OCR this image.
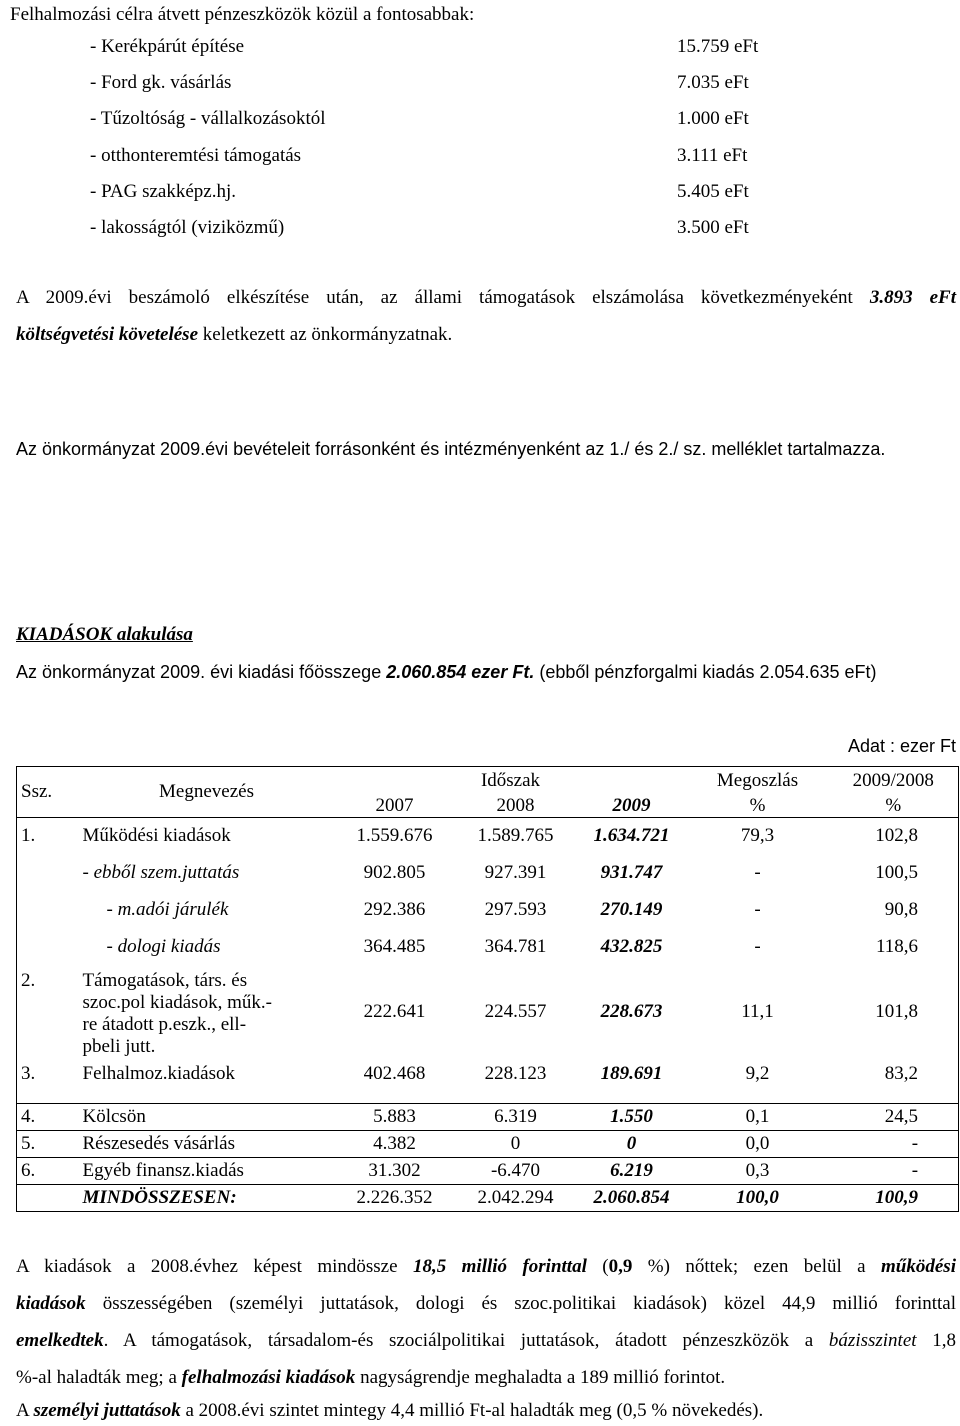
Felhalmozási célra átvett pénzeszközök közül a fontosabbak:
- Kerékpárút építése	15.759 eFt
- Ford gk. vásárlás	7.035 eFt
- Tűzoltóság - vállalkozásoktól	1.000 eFt
- otthonteremtési támogatás	3.111 eFt
- PAG szakképz.hj.	5.405 eFt
- lakosságtól (viziközmű)	3.500 eFt
A 2009.évi beszámoló elkészítése után, az állami támogatások elszámolása következményeként 3.893 eFt
költségvetési követelése keletkezett az önkormányzatnak.
Az önkormányzat 2009.évi bevételeit forrásonként és intézményenként az 1./ és 2./ sz. melléklet tartalmazza.
KIADÁSOK alakulása
Az önkormányzat 2009. évi kiadási főösszege 2.060.854 ezer Ft. (ebből pénzforgalmi kiadás 2.054.635 eFt)
Adat : ezer Ft
Ssz.	Megnevezés	Időszak			Megoszlás	2009/2008
		2007	2008	2009	%	%
1.	Működési kiadások	1.559.676	1.589.765	1.634.721	79,3	102,8
	- ebből szem.juttatás	902.805	927.391	931.747	-	100,5
	- m.adói járulék	292.386	297.593	270.149	-	90,8
	- dologi kiadás	364.485	364.781	432.825	-	118,6
2.	Támogatások, társ. és szoc.pol kiadások, műk.-re átadott p.eszk., ell-pbeli jutt.	222.641	224.557	228.673	11,1	101,8
3.	Felhalmoz.kiadások	402.468	228.123	189.691	9,2	83,2

4.	Kölcsön	5.883	6.319	1.550	0,1	24,5
5.	Részesedés vásárlás	4.382	0	0	0,0	-
6.	Egyéb finansz.kiadás	31.302	-6.470	6.219	0,3	-
	MINDÖSSZESEN:	2.226.352	2.042.294	2.060.854	100,0	100,9
A kiadások a 2008.évhez képest mindössze 18,5 millió forinttal (0,9 %) nőttek; ezen belül a működési
kiadások összességében (személyi juttatások, dologi és szoc.politikai kiadások) közel 44,9 millió forinttal
emelkedtek. A támogatások, társadalom-és szociálpolitikai juttatások, átadott pénzeszközök a bázisszintet 1,8
%-al haladták meg; a felhalmozási kiadások nagyságrendje meghaladta a 189 millió forintot.
A személyi juttatások a 2008.évi szintet mintegy 4,4 millió Ft-al haladták meg (0,5 % növekedés).
